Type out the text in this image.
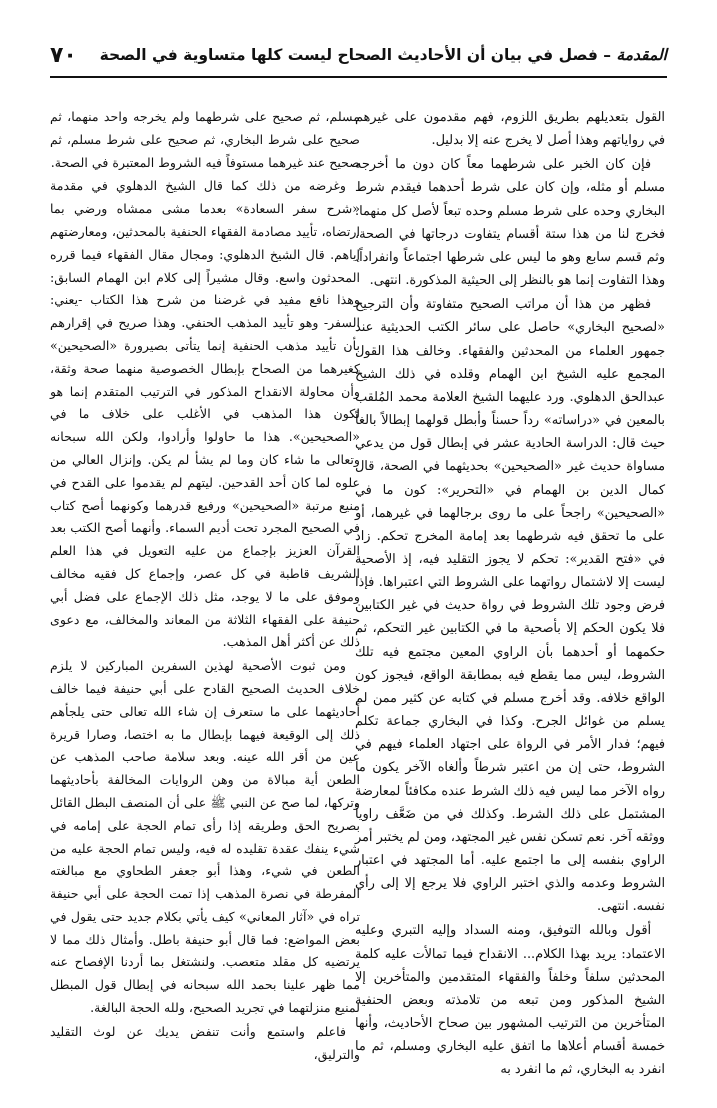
المقدمة – فصل في بيان أن الأحاديث الصحاح ليست كلها متساوية في الصحة
٧٠

القول بتعديلهم بطريق اللزوم، فهم مقدمون على غيرهم في رواياتهم وهذا أصل لا يخرج عنه إلا بدليل.

فإن كان الخبر على شرطهما معاً كان دون ما أخرجه مسلم أو مثله، وإن كان على شرط أحدهما فيقدم شرط البخاري وحده على شرط مسلم وحده تبعاً لأصل كل منهما. فخرج لنا من هذا ستة أقسام يتفاوت درجاتها في الصحة، وثم قسم سابع وهو ما ليس على شرطها اجتماعاً وانفراداً. وهذا التفاوت إنما هو بالنظر إلى الحيثية المذكورة. انتهى.

فظهر من هذا أن مراتب الصحيح متفاوتة وأن الترجيح «لصحيح البخاري» حاصل على سائر الكتب الحديثية عند جمهور العلماء من المحدثين والفقهاء. وخالف هذا القول المجمع عليه الشيخ ابن الهمام وقلده في ذلك الشيخ عبدالحق الدهلوي. ورد عليهما الشيخ العلامة محمد المُلقب بالمعين في «دراساته» رداً حسناً وأبطل قولهما إبطالاً بالغاً حيث قال: الدراسة الحادية عشر في إبطال قول من يدعي مساواة حديث غير «الصحيحين» بحديثهما في الصحة، قال كمال الدين بن الهمام في «التحرير»: كون ما في «الصحيحين» راجحاً على ما روى برجالهما في غيرهما، أو على ما تحقق فيه شرطهما بعد إمامة المخرج تحكم. زاد في «فتح القدير»: تحكم لا يجوز التقليد فيه، إذ الأصحية ليست إلا لاشتمال رواتهما على الشروط التي اعتبراها. فإذا فرض وجود تلك الشروط في رواة حديث في غير الكتابين فلا يكون الحكم إلا بأصحية ما في الكتابين غير التحكم، ثم حكمهما أو أحدهما بأن الراوي المعين مجتمع فيه تلك الشروط، ليس مما يقطع فيه بمطابقة الواقع، فيجوز كون الواقع خلافه. وقد أخرج مسلم في كتابه عن كثير ممن لم يسلم من غوائل الجرح. وكذا في البخاري جماعة تكلم فيهم؛ فدار الأمر في الرواة على اجتهاد العلماء فيهم في الشروط، حتى إن من اعتبر شرطاً وألغاه الآخر يكون ما رواه الآخر مما ليس فيه ذلك الشرط عنده مكافئاً لمعارضة المشتمل على ذلك الشرط. وكذلك في من ضَعَّف راوياً ووثقه آخر. نعم تسكن نفس غير المجتهد، ومن لم يختبر أمر الراوي بنفسه إلى ما اجتمع عليه. أما المجتهد في اعتبار الشروط وعدمه والذي اختبر الراوي فلا يرجع إلا إلى رأي نفسه. انتهى.

أقول وبالله التوفيق، ومنه السداد وإليه التبري وعليه الاعتماد: يريد بهذا الكلام... الانقداح فيما تمالأت عليه كلمة المحدثين سلفاً وخلفاً والفقهاء المتقدمين والمتأخرين إلا الشيخ المذكور ومن تبعه من تلامذته وبعض الحنفية المتأخرين من الترتيب المشهور بين صحاح الأحاديث، وأنها خمسة أقسام أعلاها ما اتفق عليه البخاري ومسلم، ثم ما انفرد به البخاري، ثم ما انفرد به

مسلم، ثم صحيح على شرطهما ولم يخرجه واحد منهما، ثم صحيح على شرط البخاري، ثم صحيح على شرط مسلم، ثم صحيح عند غيرهما مستوفاً فيه الشروط المعتبرة في الصحة.

وغرضه من ذلك كما قال الشيخ الدهلوي في مقدمة «شرح سفر السعادة» بعدما مشى ممشاه ورضي بما ارتضاه، تأييد مصادمة الفقهاء الحنفية بالمحدثين، ومعارضتهم إياهم. قال الشيخ الدهلوي: ومجال مقال الفقهاء فيما قرره المحدثون واسع. وقال مشيراً إلى كلام ابن الهمام السابق: وهذا نافع مفيد في غرضنا من شرح هذا الكتاب -يعني: السفر- وهو تأييد المذهب الحنفي. وهذا صريح في إقرارهم بأن تأييد مذهب الحنفية إنما يتأتى بصيرورة «الصحيحين» كغيرهما من الصحاح بإبطال الخصوصية منهما صحة وثقة، وأن محاولة الانقداح المذكور في الترتيب المتقدم إنما هو لكون هذا المذهب في الأغلب على خلاف ما في «الصحيحين». هذا ما حاولوا وأرادوا، ولكن الله سبحانه وتعالى ما شاء كان وما لم يشأ لم يكن. وإنزال العالي من علوه لما كان أحد القدحين. ليتهم لم يقدموا على القدح في منيع مرتبة «الصحيحين» ورفيع قدرهما وكونهما أصح كتاب في الصحيح المجرد تحت أديم السماء. وأنهما أصح الكتب بعد القرآن العزيز بإجماع من عليه التعويل في هذا العلم الشريف قاطبة في كل عصر، وإجماع كل فقيه مخالف وموفق على ما لا يوجد، مثل ذلك الإجماع على فضل أبي حنيفة على الفقهاء الثلاثة من المعاند والمخالف، مع دعوى ذلك عن أكثر أهل المذهب.

ومن ثبوت الأصحية لهذين السفرين المباركين لا يلزم خلاف الحديث الصحيح القادح على أبي حنيفة فيما خالف أحاديثهما على ما ستعرف إن شاء الله تعالى حتى يلجأهم ذلك إلى الوقيعة فيهما بإبطال ما به اختصا، وصارا قريرة عين من أقر الله عينه. وبعد سلامة صاحب المذهب عن الطعن أية مبالاة من وهن الروايات المخالفة بأحاديثهما وتركها، لما صح عن النبي ﷺ على أن المنصف البطل القائل بصريح الحق وطريقه إذا رأى تمام الحجة على إمامه في شيء ينفك عقدة تقليده له فيه، وليس تمام الحجة عليه من الطعن في شيء، وهذا أبو جعفر الطحاوي مع مبالغته المفرطة في نصرة المذهب إذا تمت الحجة على أبي حنيفة تراه في «آثار المعاني» كيف يأتي بكلام جديد حتى يقول في بعض المواضع: فما قال أبو حنيفة باطل. وأمثال ذلك مما لا يرتضيه كل مقلد متعصب. ولنشتغل بما أردنا الإفصاح عنه مما ظهر علينا بحمد الله سبحانه في إبطال قول المبطل لمنيع منزلتهما في تجريد الصحيح، ولله الحجة البالغة.

فاعلم واستمع وأنت تنفض يديك عن لوث التقليد والترليق،
